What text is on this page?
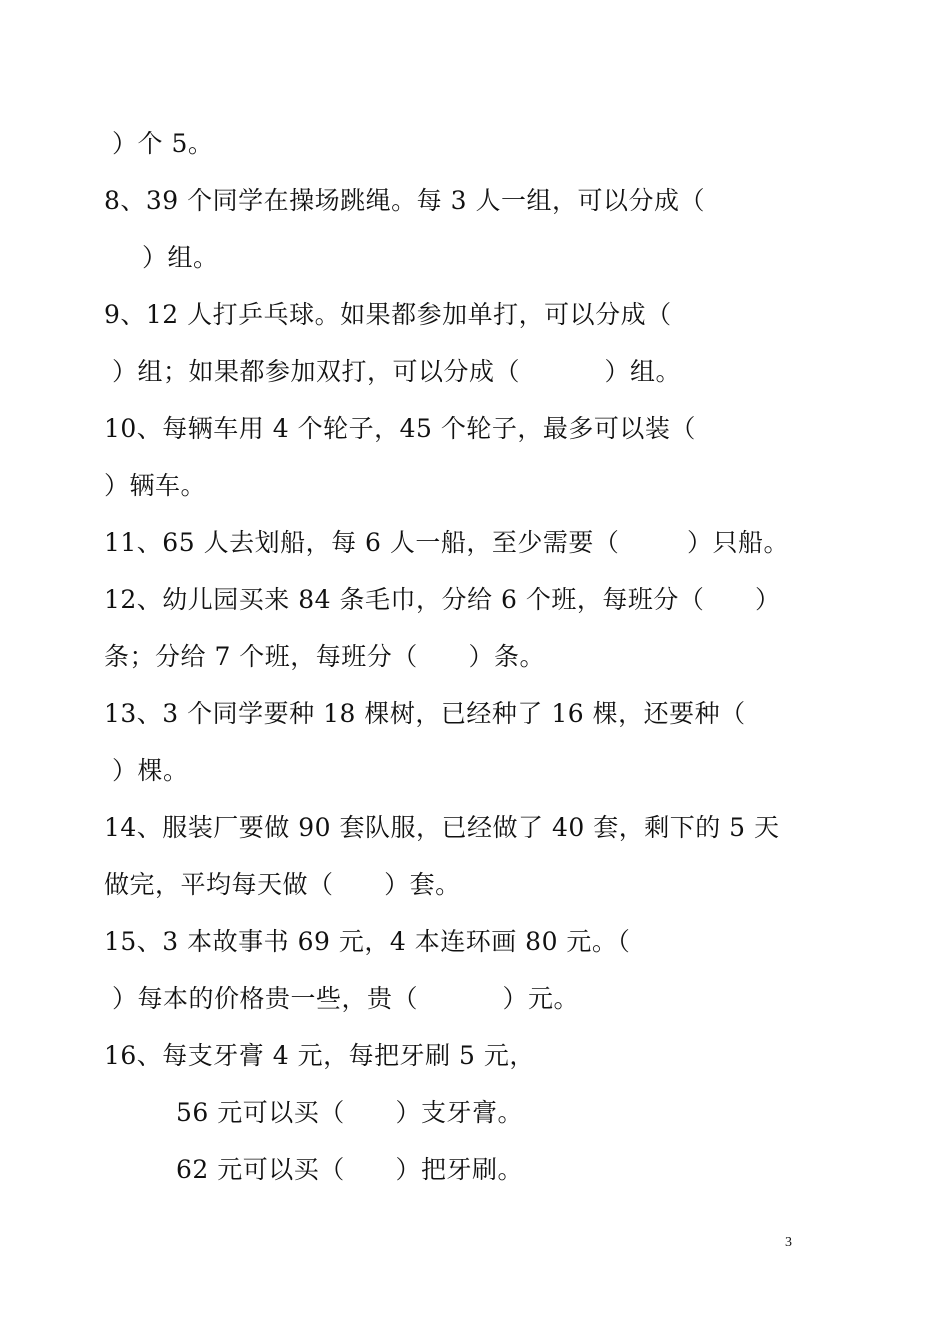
）个 5。
8、39 个同学在操场跳绳。每 3 人一组，可以分成（
）组。
9、12 人打乒乓球。如果都参加单打，可以分成（
）组；如果都参加双打，可以分成（          ）组。
10、每辆车用 4 个轮子，45 个轮子，最多可以装（
）辆车。
11、65 人去划船，每 6 人一船，至少需要（        ）只船。
12、幼儿园买来 84 条毛巾，分给 6 个班，每班分（      ）
条；分给 7 个班，每班分（      ）条。
13、3 个同学要种 18 棵树，已经种了 16 棵，还要种（
）棵。
14、服装厂要做 90 套队服，已经做了 40 套，剩下的 5 天
做完，平均每天做（      ）套。
15、3 本故事书 69 元，4 本连环画 80 元。（
）每本的价格贵一些，贵（          ）元。
16、每支牙膏 4 元，每把牙刷 5 元，
56 元可以买（      ）支牙膏。
62 元可以买（      ）把牙刷。
3
